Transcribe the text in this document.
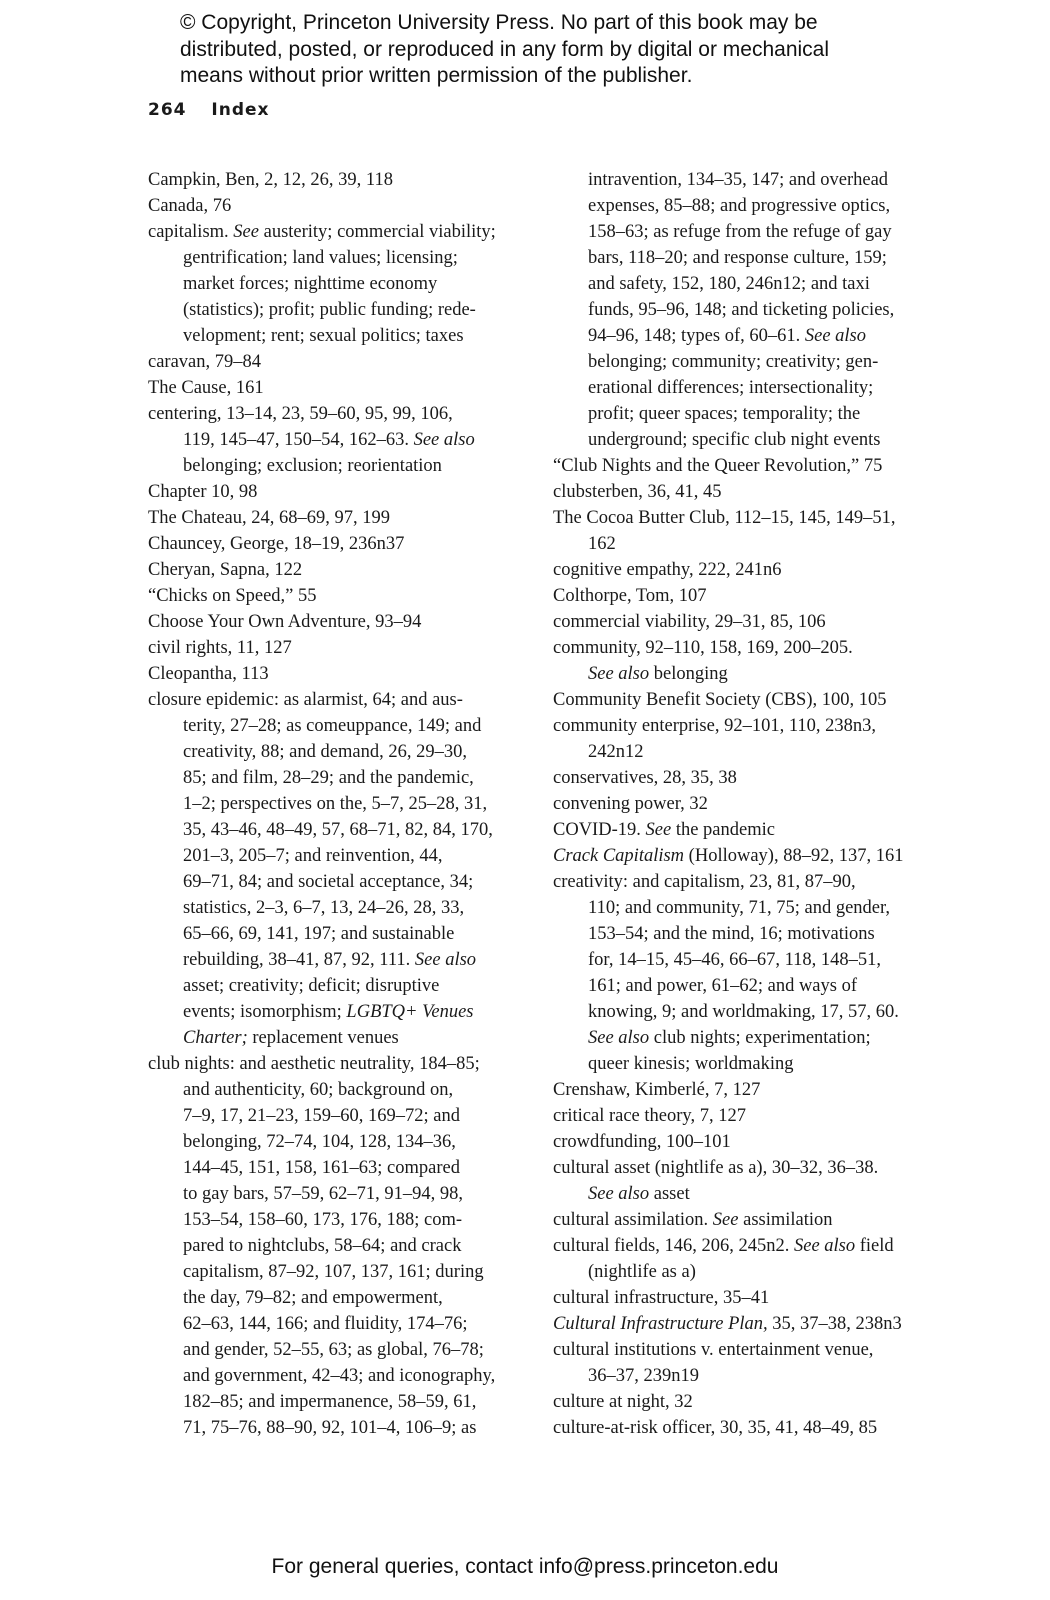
© Copyright, Princeton University Press. No part of this book may be
distributed, posted, or reproduced in any form by digital or mechanical
means without prior written permission of the publisher.
264 Index
Campkin, Ben, 2, 12, 26, 39, 118
Canada, 76
capitalism. See austerity; commercial viability;
gentrification; land values; licensing;
market forces; nighttime economy
(statistics); profit; public funding; rede-
velopment; rent; sexual politics; taxes
caravan, 79–84
The Cause, 161
centering, 13–14, 23, 59–60, 95, 99, 106,
119, 145–47, 150–54, 162–63. See also
belonging; exclusion; reorientation
Chapter 10, 98
The Chateau, 24, 68–69, 97, 199
Chauncey, George, 18–19, 236n37
Cheryan, Sapna, 122
“Chicks on Speed,” 55
Choose Your Own Adventure, 93–94
civil rights, 11, 127
Cleopantha, 113
closure epidemic: as alarmist, 64; and aus-
terity, 27–28; as comeuppance, 149; and
creativity, 88; and demand, 26, 29–30,
85; and film, 28–29; and the pandemic,
1–2; perspectives on the, 5–7, 25–28, 31,
35, 43–46, 48–49, 57, 68–71, 82, 84, 170,
201–3, 205–7; and reinvention, 44,
69–71, 84; and societal acceptance, 34;
statistics, 2–3, 6–7, 13, 24–26, 28, 33,
65–66, 69, 141, 197; and sustainable
rebuilding, 38–41, 87, 92, 111. See also
asset; creativity; deficit; disruptive
events; isomorphism; LGBTQ+ Venues
Charter; replacement venues
club nights: and aesthetic neutrality, 184–85;
and authenticity, 60; background on,
7–9, 17, 21–23, 159–60, 169–72; and
belonging, 72–74, 104, 128, 134–36,
144–45, 151, 158, 161–63; compared
to gay bars, 57–59, 62–71, 91–94, 98,
153–54, 158–60, 173, 176, 188; com-
pared to nightclubs, 58–64; and crack
capitalism, 87–92, 107, 137, 161; during
the day, 79–82; and empowerment,
62–63, 144, 166; and fluidity, 174–76;
and gender, 52–55, 63; as global, 76–78;
and government, 42–43; and iconography,
182–85; and impermanence, 58–59, 61,
71, 75–76, 88–90, 92, 101–4, 106–9; as
intravention, 134–35, 147; and overhead
expenses, 85–88; and progressive optics,
158–63; as refuge from the refuge of gay
bars, 118–20; and response culture, 159;
and safety, 152, 180, 246n12; and taxi
funds, 95–96, 148; and ticketing policies,
94–96, 148; types of, 60–61. See also
belonging; community; creativity; gen-
erational differences; intersectionality;
profit; queer spaces; temporality; the
underground; specific club night events
“Club Nights and the Queer Revolution,” 75
clubsterben, 36, 41, 45
The Cocoa Butter Club, 112–15, 145, 149–51,
162
cognitive empathy, 222, 241n6
Colthorpe, Tom, 107
commercial viability, 29–31, 85, 106
community, 92–110, 158, 169, 200–205.
See also belonging
Community Benefit Society (CBS), 100, 105
community enterprise, 92–101, 110, 238n3,
242n12
conservatives, 28, 35, 38
convening power, 32
COVID-19. See the pandemic
Crack Capitalism (Holloway), 88–92, 137, 161
creativity: and capitalism, 23, 81, 87–90,
110; and community, 71, 75; and gender,
153–54; and the mind, 16; motivations
for, 14–15, 45–46, 66–67, 118, 148–51,
161; and power, 61–62; and ways of
knowing, 9; and worldmaking, 17, 57, 60.
See also club nights; experimentation;
queer kinesis; worldmaking
Crenshaw, Kimberlé, 7, 127
critical race theory, 7, 127
crowdfunding, 100–101
cultural asset (nightlife as a), 30–32, 36–38.
See also asset
cultural assimilation. See assimilation
cultural fields, 146, 206, 245n2. See also field
(nightlife as a)
cultural infrastructure, 35–41
Cultural Infrastructure Plan, 35, 37–38, 238n3
cultural institutions v. entertainment venue,
36–37, 239n19
culture at night, 32
culture-at-risk officer, 30, 35, 41, 48–49, 85
For general queries, contact info@press.princeton.edu
